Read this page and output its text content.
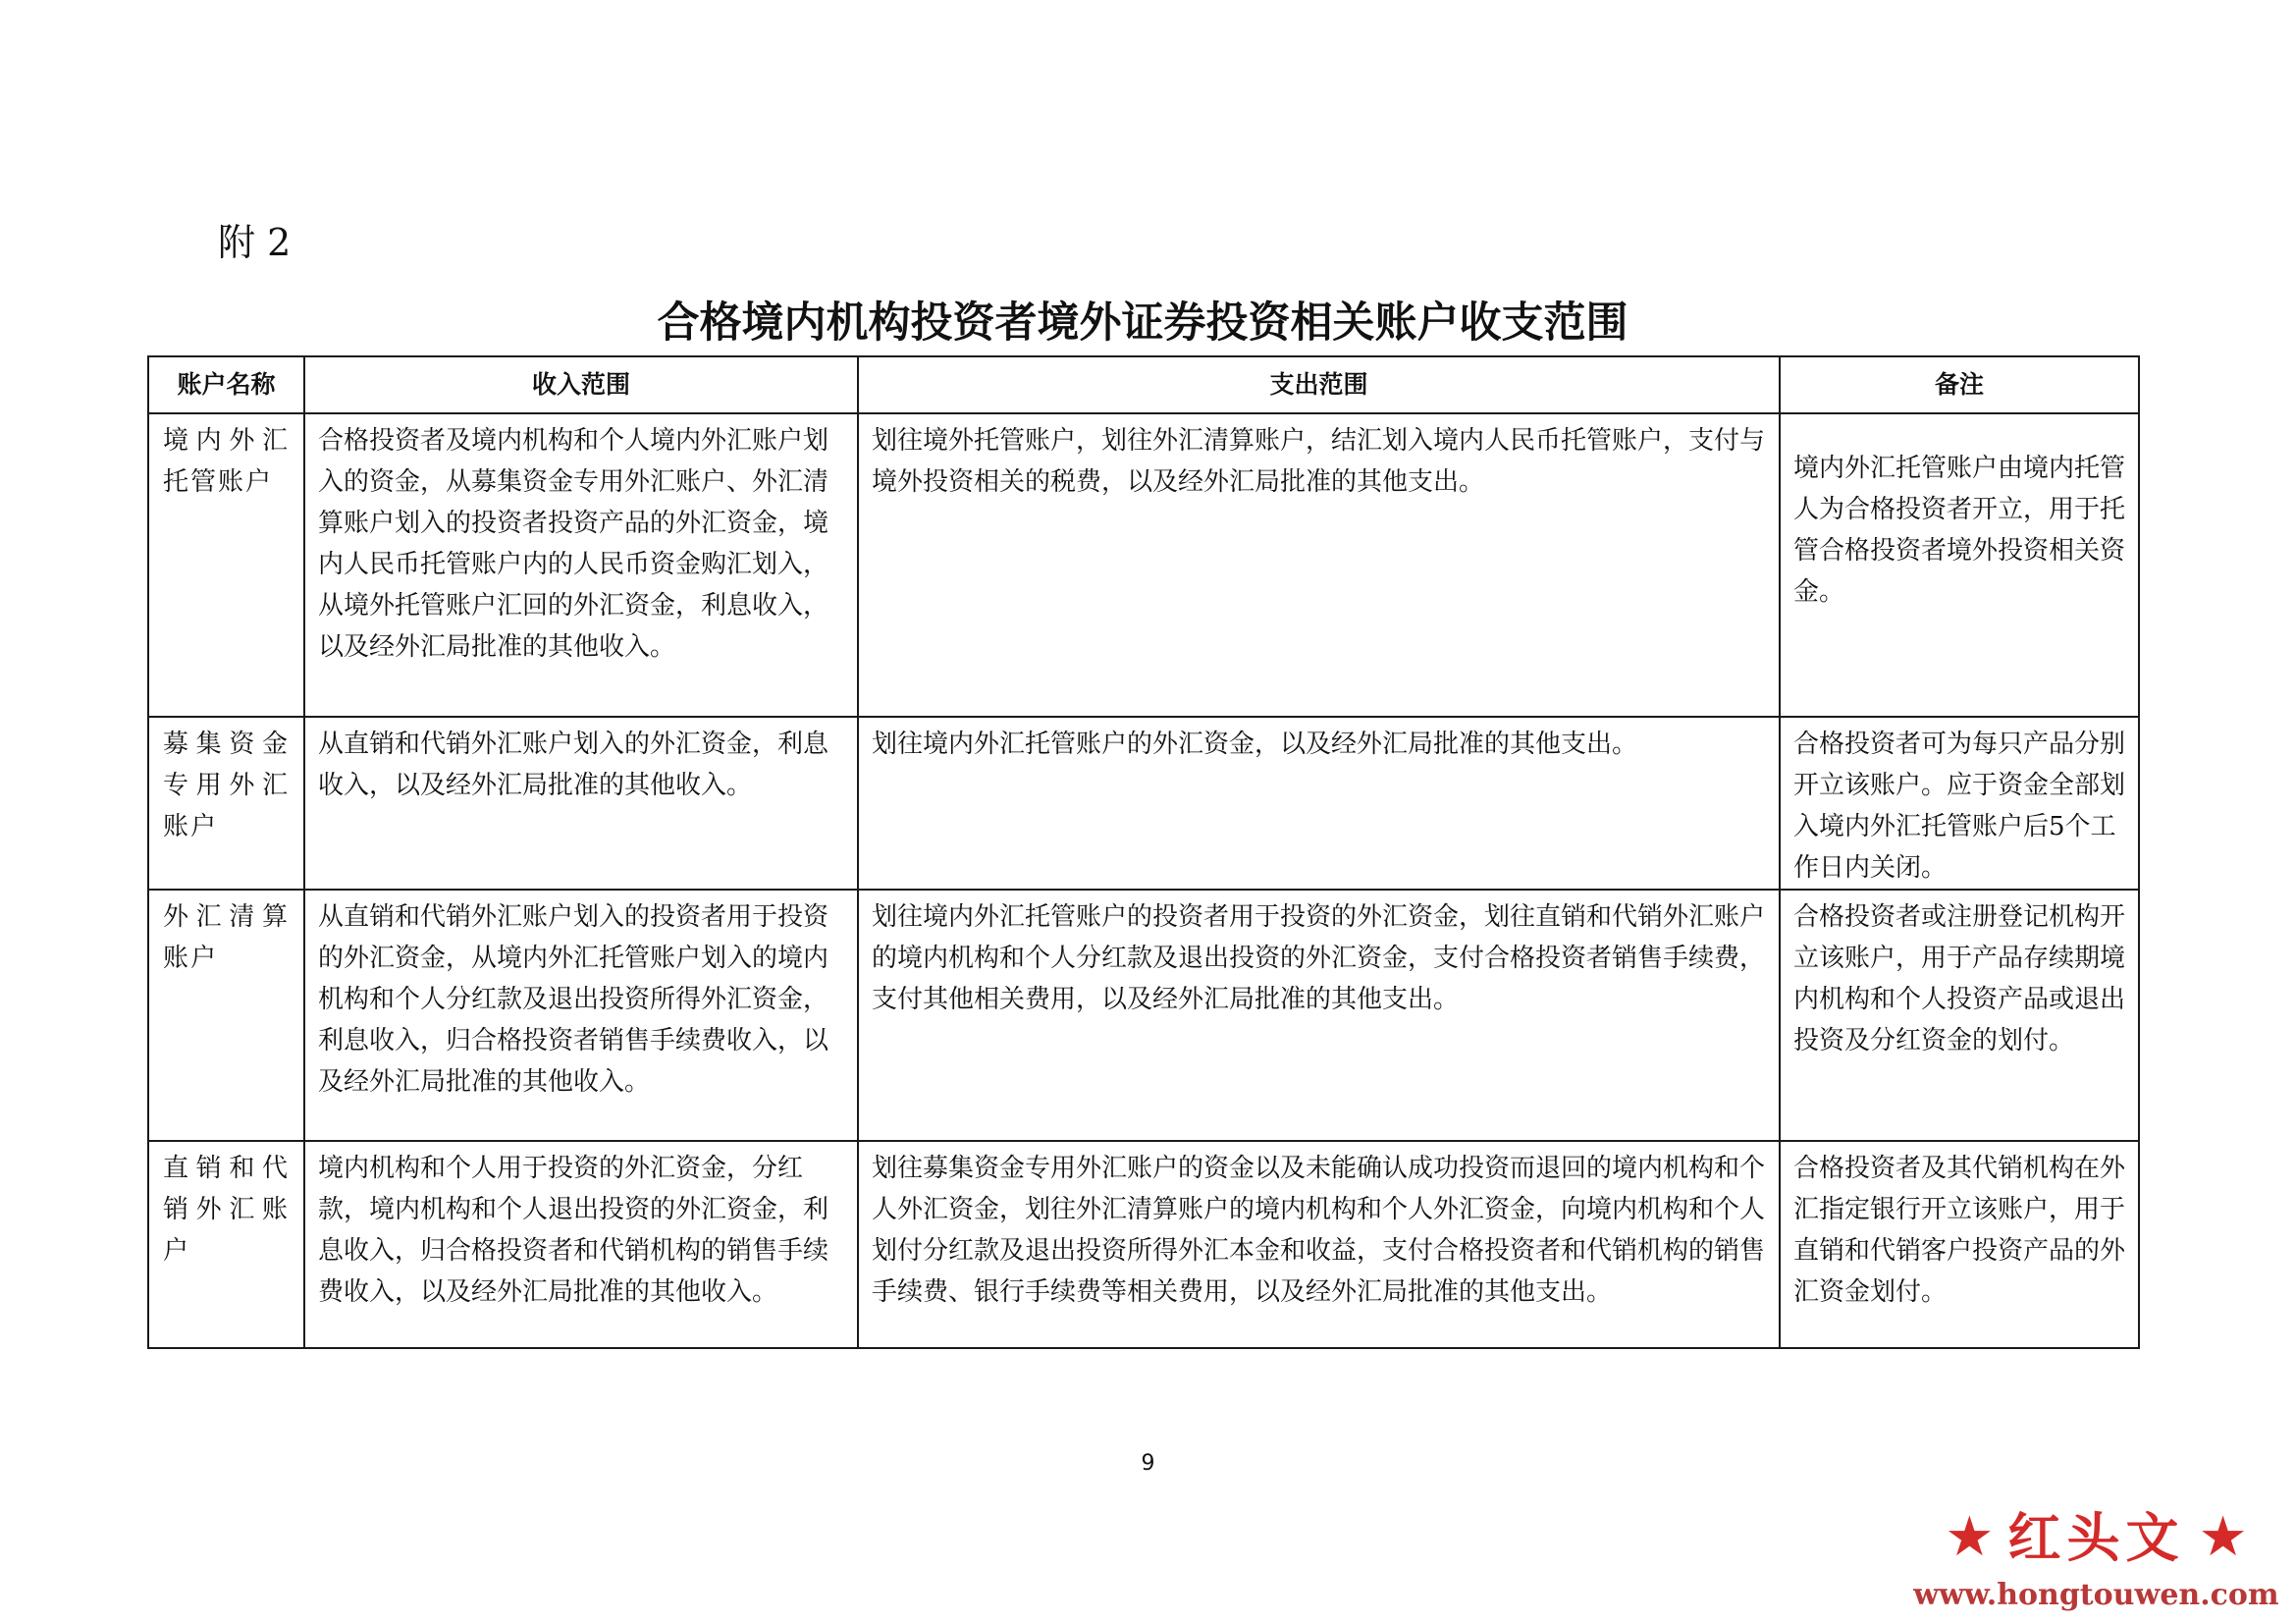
附 2
合格境内机构投资者境外证券投资相关账户收支范围
账户名称	收入范围	支出范围	备注
境内外汇托管账户	合格投资者及境内机构和个人境内外汇账户划入的资金，从募集资金专用外汇账户、外汇清算账户划入的投资者投资产品的外汇资金，境内人民币托管账户内的人民币资金购汇划入，从境外托管账户汇回的外汇资金，利息收入，以及经外汇局批准的其他收入。	划往境外托管账户，划往外汇清算账户，结汇划入境内人民币托管账户，支付与境外投资相关的税费，以及经外汇局批准的其他支出。	境内外汇托管账户由境内托管人为合格投资者开立，用于托管合格投资者境外投资相关资金。
募集资金专用外汇账户	从直销和代销外汇账户划入的外汇资金，利息收入，以及经外汇局批准的其他收入。	划往境内外汇托管账户的外汇资金，以及经外汇局批准的其他支出。	合格投资者可为每只产品分别开立该账户。应于资金全部划入境内外汇托管账户后5个工作日内关闭。
外汇清算账户	从直销和代销外汇账户划入的投资者用于投资的外汇资金，从境内外汇托管账户划入的境内机构和个人分红款及退出投资所得外汇资金，利息收入，归合格投资者销售手续费收入，以及经外汇局批准的其他收入。	划往境内外汇托管账户的投资者用于投资的外汇资金，划往直销和代销外汇账户的境内机构和个人分红款及退出投资的外汇资金，支付合格投资者销售手续费，支付其他相关费用，以及经外汇局批准的其他支出。	合格投资者或注册登记机构开立该账户，用于产品存续期境内机构和个人投资产品或退出投资及分红资金的划付。
直销和代销外汇账户	境内机构和个人用于投资的外汇资金，分红款，境内机构和个人退出投资的外汇资金，利息收入，归合格投资者和代销机构的销售手续费收入，以及经外汇局批准的其他收入。	划往募集资金专用外汇账户的资金以及未能确认成功投资而退回的境内机构和个人外汇资金，划往外汇清算账户的境内机构和个人外汇资金，向境内机构和个人划付分红款及退出投资所得外汇本金和收益，支付合格投资者和代销机构的销售手续费、银行手续费等相关费用，以及经外汇局批准的其他支出。	合格投资者及其代销机构在外汇指定银行开立该账户，用于直销和代销客户投资产品的外汇资金划付。
9
★ 红头文 ★
www.hongtouwen.com
